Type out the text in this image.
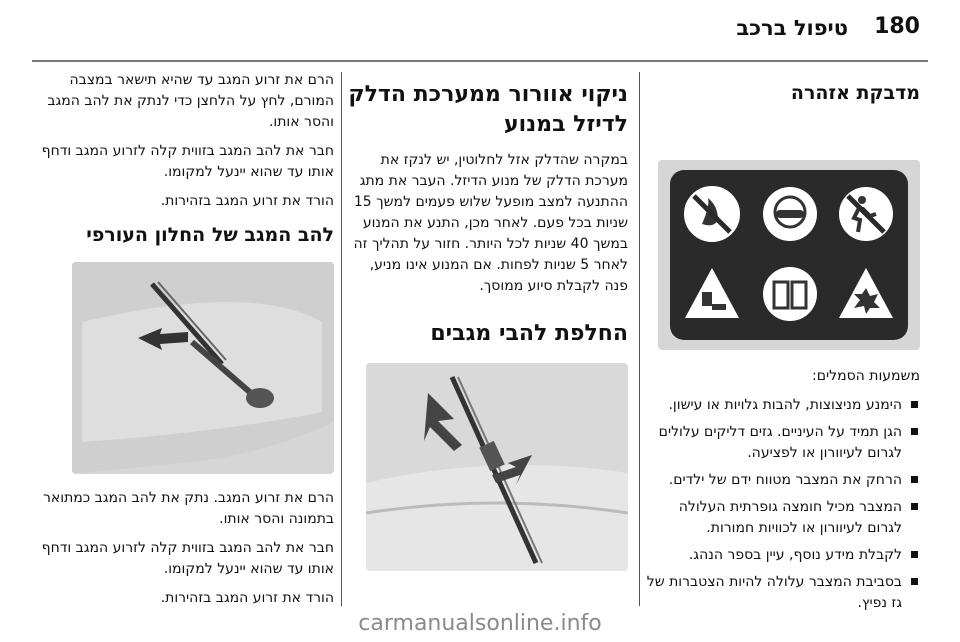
180
טיפול ברכב
מדבקת אזהרה

משמעות הסמלים:

הימנע מניצוצות, להבות גלויות או עישון.
הגן תמיד על העיניים. גזים דליקים עלולים לגרום לעיוורון או לפציעה.
הרחק את המצבר מטווח ידם של ילדים.
המצבר מכיל חומצה גופרתית העלולה לגרום לעיוורון או לכוויות חמורות.
לקבלת מידע נוסף, עיין בספר הנהג.
בסביבת המצבר עלולה להיות הצטברות של גז נפיץ.
ניקוי אוורור ממערכת הדלק לדיזל במנוע

במקרה שהדלק אזל לחלוטין, יש לנקז את מערכת הדלק של מנוע הדיזל. העבר את מתג ההתנעה למצב מופעל שלוש פעמים למשך 15 שניות בכל פעם. לאחר מכן, התנע את המנוע במשך 40 שניות לכל היותר. חזור על תהליך זה לאחר 5 שניות לפחות. אם המנוע אינו מניע, פנה לקבלת סיוע ממוסך.

החלפת להבי מגבים

הרם את זרוע המגב עד שהיא תישאר במצבה המורם, לחץ על הלחצן כדי לנתק את להב המגב והסר אותו.

חבר את להב המגב בזווית קלה לזרוע המגב ודחף אותו עד שהוא יינעל למקומו.

הורד את זרוע המגב בזהירות.

להב המגב של החלון העורפי

הרם את זרוע המגב. נתק את להב המגב כמתואר בתמונה והסר אותו.

חבר את להב המגב בזווית קלה לזרוע המגב ודחף אותו עד שהוא יינעל למקומו.

הורד את זרוע המגב בזהירות.

carmanualsonline.info
